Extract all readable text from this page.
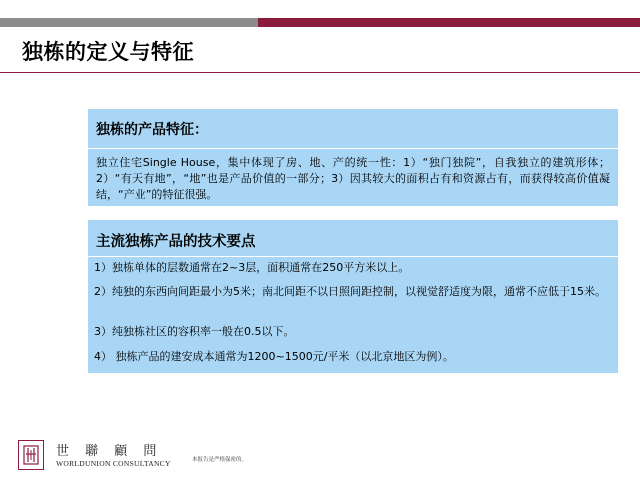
独栋的定义与特征
独栋的产品特征：
独立住宅Single House，集中体现了房、地、产的统一性：1）“独门独院”，自我独立的建筑形体；2）“有天有地”，“地”也是产品价值的一部分；3）因其较大的面积占有和资源占有，而获得较高价值凝结，“产业”的特征很强。
主流独栋产品的技术要点
1）独栋单体的层数通常在2~3层，面积通常在250平方米以上。
2）纯独的东西向间距最小为5米；南北间距不以日照间距控制，以视觉舒适度为限，通常不应低于15米。
3）纯独栋社区的容积率一般在0.5以下。
4） 独栋产品的建安成本通常为1200~1500元/平米（以北京地区为例）。
世 聯 顧 問
WORLDUNION CONSULTANCY	本报告是严格保密的。
